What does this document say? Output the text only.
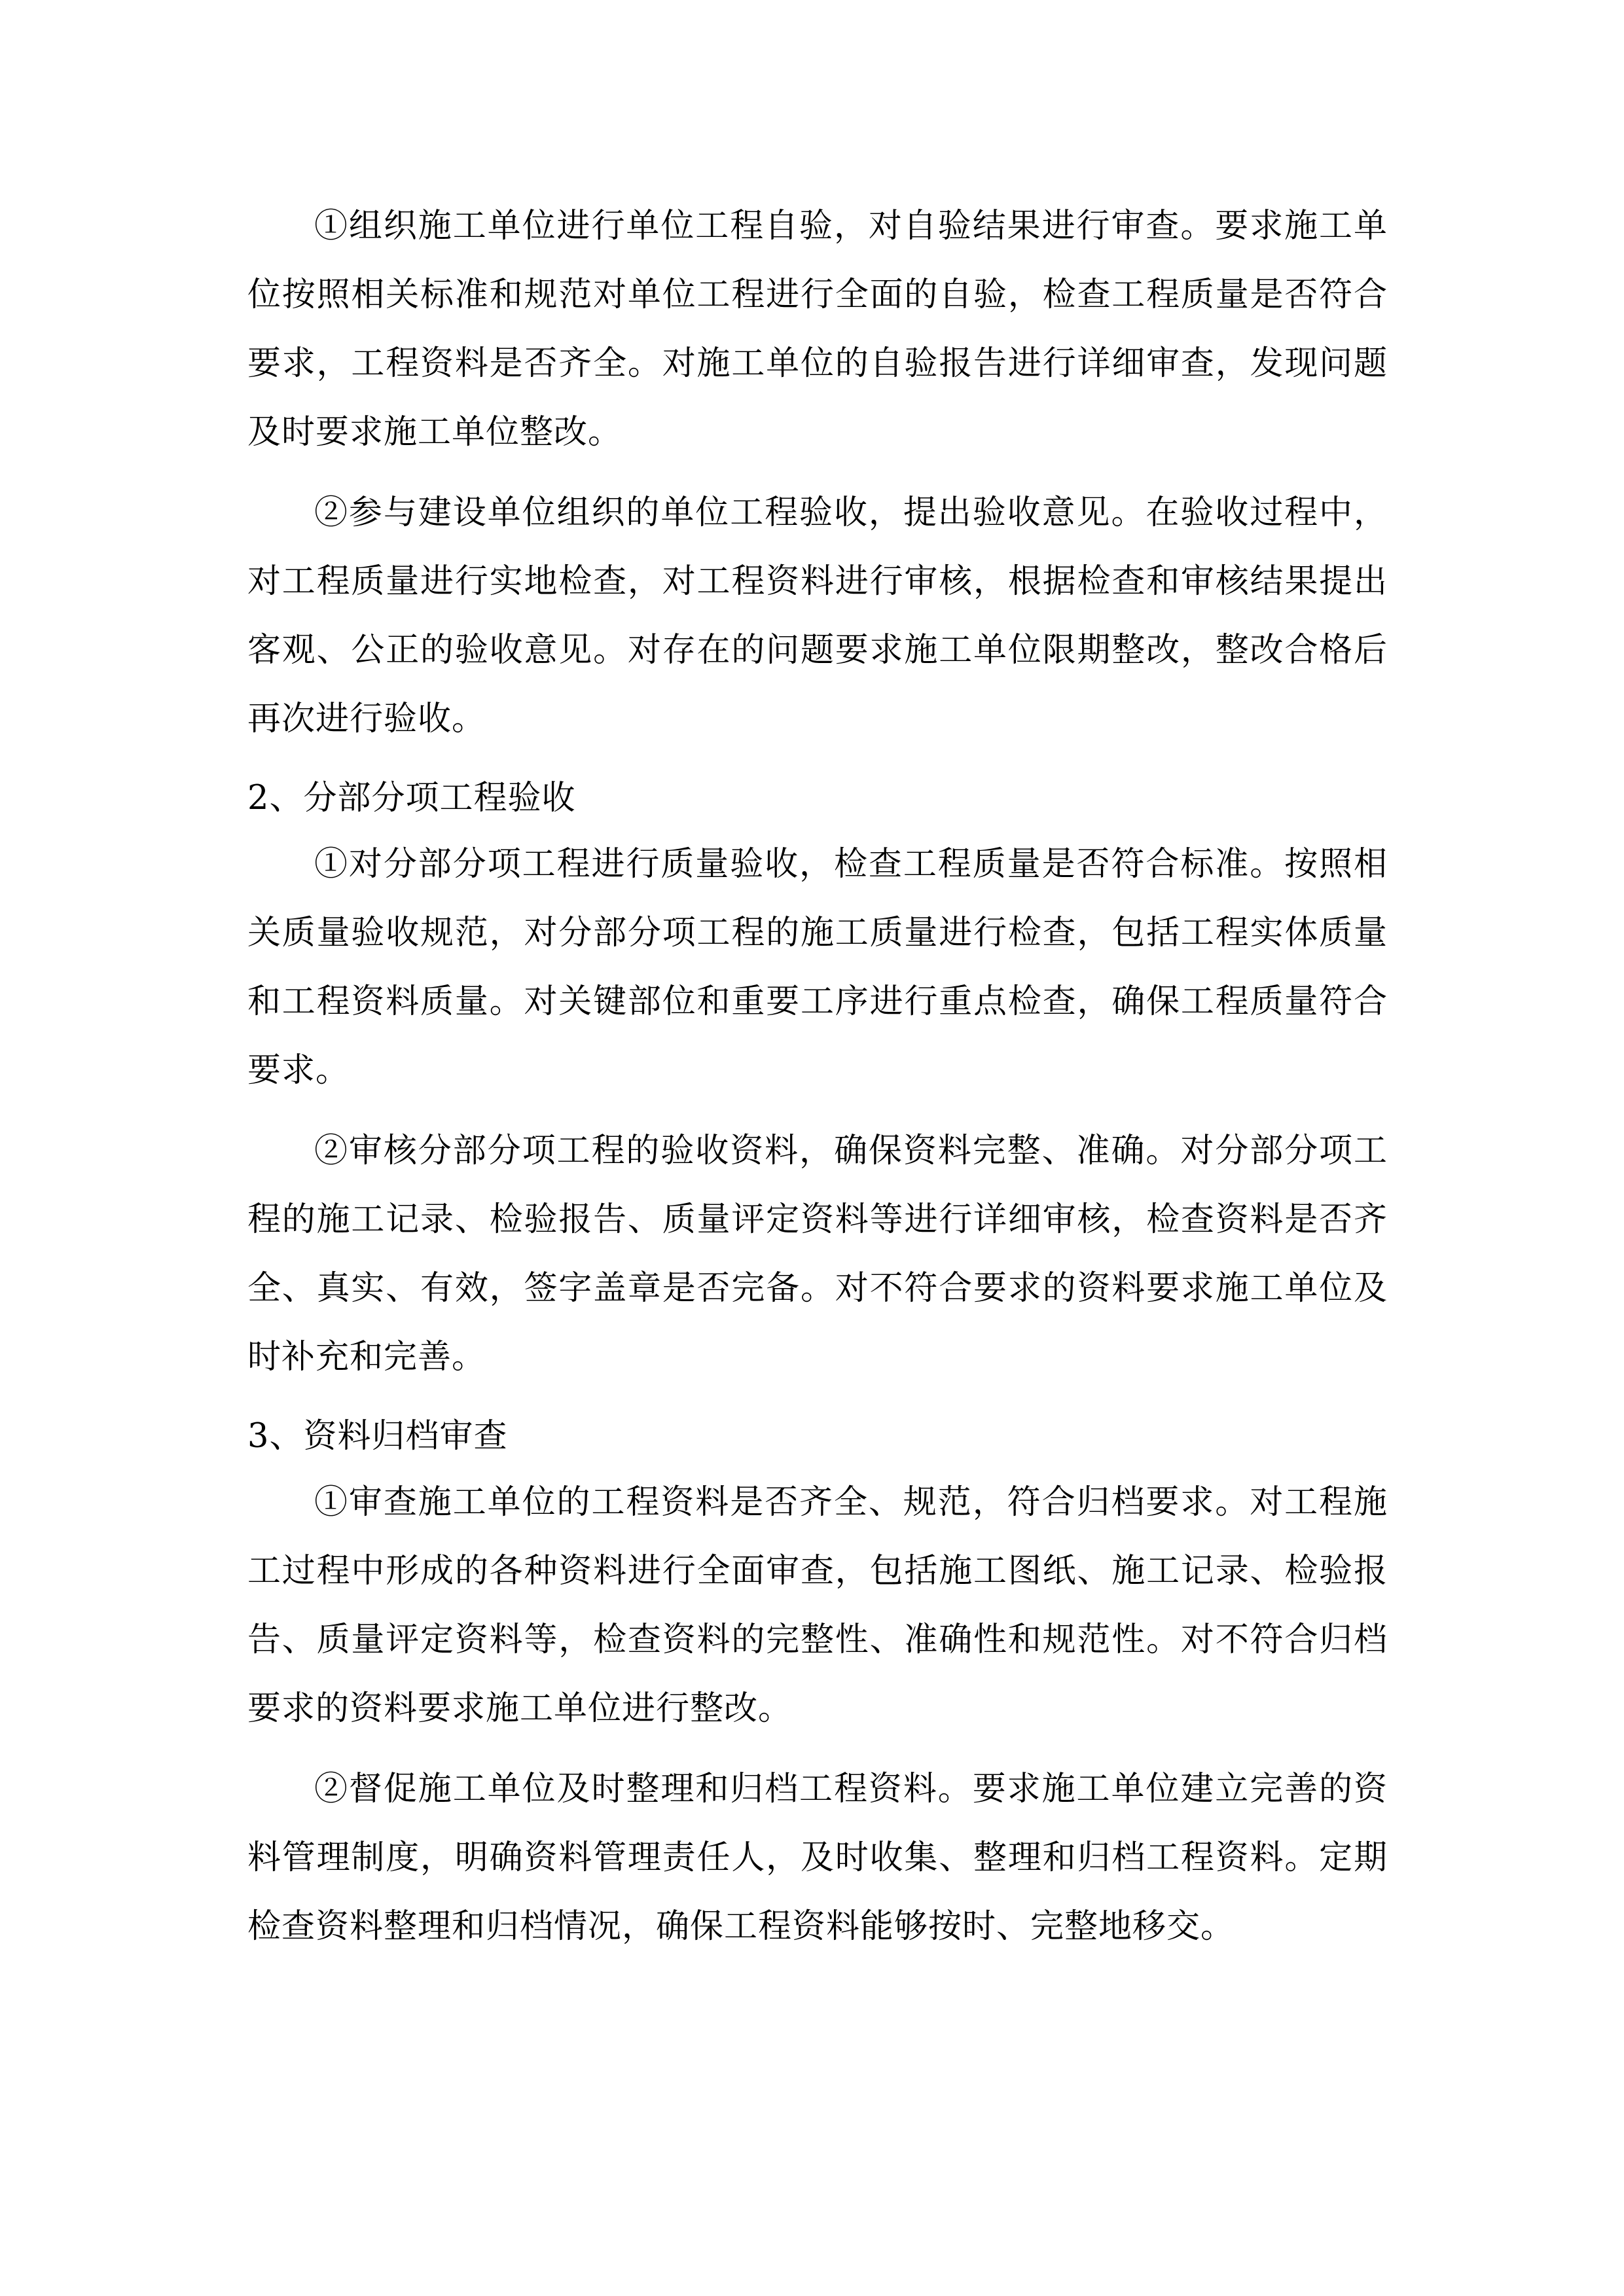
①组织施工单位进行单位工程自验，对自验结果进行审查。要求施工单位按照相关标准和规范对单位工程进行全面的自验，检查工程质量是否符合要求，工程资料是否齐全。对施工单位的自验报告进行详细审查，发现问题及时要求施工单位整改。

②参与建设单位组织的单位工程验收，提出验收意见。在验收过程中，对工程质量进行实地检查，对工程资料进行审核，根据检查和审核结果提出客观、公正的验收意见。对存在的问题要求施工单位限期整改，整改合格后再次进行验收。

2、分部分项工程验收

①对分部分项工程进行质量验收，检查工程质量是否符合标准。按照相关质量验收规范，对分部分项工程的施工质量进行检查，包括工程实体质量和工程资料质量。对关键部位和重要工序进行重点检查，确保工程质量符合要求。

②审核分部分项工程的验收资料，确保资料完整、准确。对分部分项工程的施工记录、检验报告、质量评定资料等进行详细审核，检查资料是否齐全、真实、有效，签字盖章是否完备。对不符合要求的资料要求施工单位及时补充和完善。

3、资料归档审查

①审查施工单位的工程资料是否齐全、规范，符合归档要求。对工程施工过程中形成的各种资料进行全面审查，包括施工图纸、施工记录、检验报告、质量评定资料等，检查资料的完整性、准确性和规范性。对不符合归档要求的资料要求施工单位进行整改。

②督促施工单位及时整理和归档工程资料。要求施工单位建立完善的资料管理制度，明确资料管理责任人，及时收集、整理和归档工程资料。定期检查资料整理和归档情况，确保工程资料能够按时、完整地移交。
